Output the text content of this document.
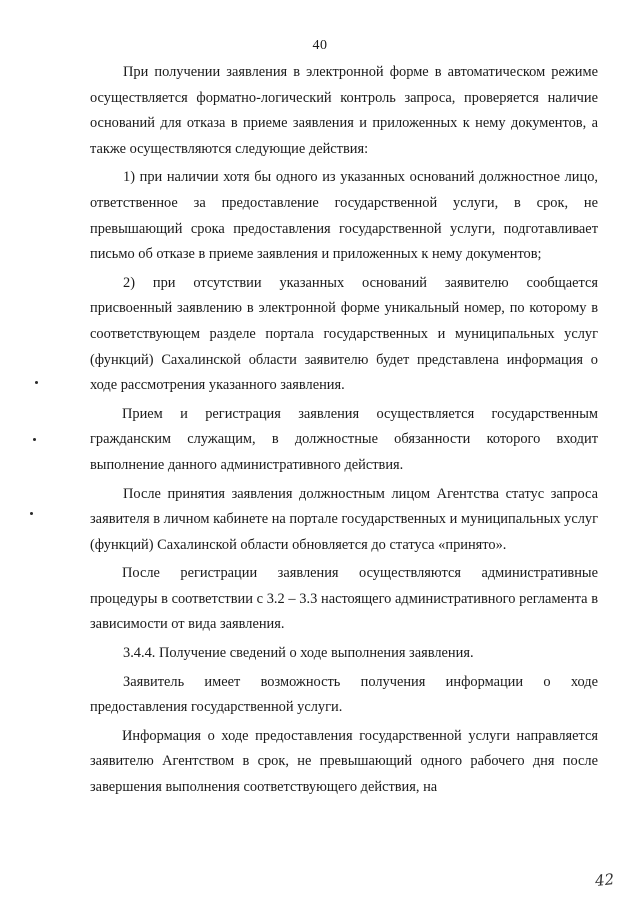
40

При получении заявления в электронной форме в автоматическом режиме осуществляется форматно-логический контроль запроса, проверяется наличие оснований для отказа в приеме заявления и приложенных к нему документов, а также осуществляются следующие действия:

1) при наличии хотя бы одного из указанных оснований должностное лицо, ответственное за предоставление государственной услуги, в срок, не превышающий срока предоставления государственной услуги, подготавливает письмо об отказе в приеме заявления и приложенных к нему документов;

2) при отсутствии указанных оснований заявителю сообщается присвоенный заявлению в электронной форме уникальный номер, по которому в соответствующем разделе портала государственных и муниципальных услуг (функций) Сахалинской области заявителю будет представлена информация о ходе рассмотрения указанного заявления.

Прием и регистрация заявления осуществляется государственным гражданским служащим, в должностные обязанности которого входит выполнение данного административного действия.

После принятия заявления должностным лицом Агентства статус запроса заявителя в личном кабинете на портале государственных и муниципальных услуг (функций) Сахалинской области обновляется до статуса «принято».

После регистрации заявления осуществляются административные процедуры в соответствии с 3.2 – 3.3 настоящего административного регламента в зависимости от вида заявления.

3.4.4. Получение сведений о ходе выполнения заявления.

Заявитель имеет возможность получения информации о ходе предоставления государственной услуги.

Информация о ходе предоставления государственной услуги направляется заявителю Агентством в срок, не превышающий одного рабочего дня после завершения выполнения соответствующего действия, на

42
